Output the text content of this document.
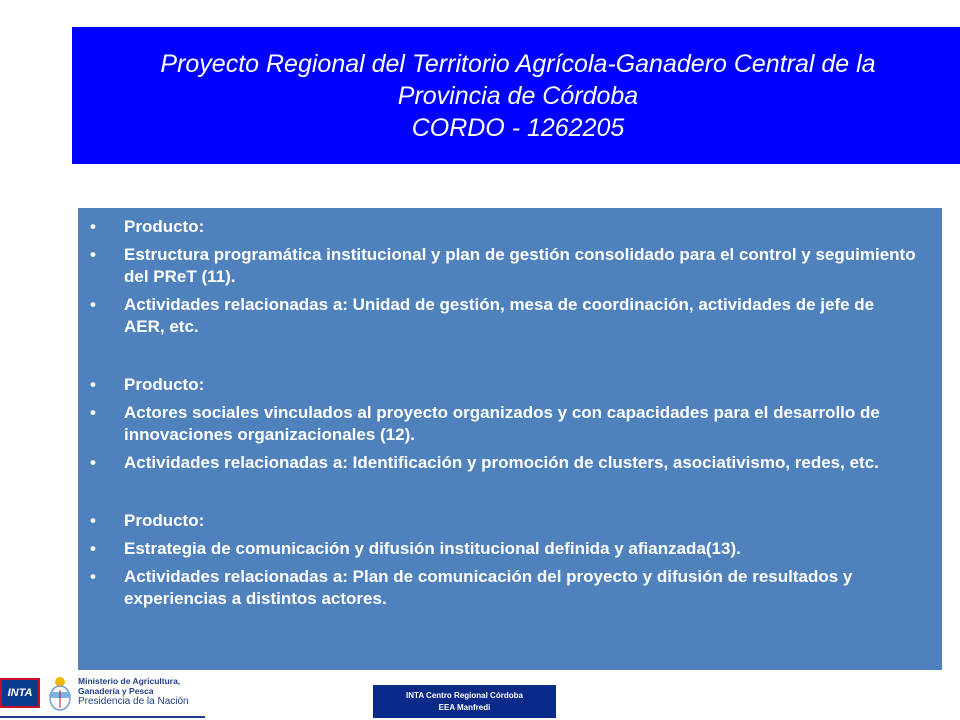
Proyecto Regional del Territorio Agrícola-Ganadero Central de la
Provincia de Córdoba
CORDO - 1262205
• Producto:
• Estructura programática institucional y plan de gestión consolidado para el control y seguimiento del PReT (11).
• Actividades relacionadas a: Unidad de gestión, mesa de coordinación, actividades de jefe de AER, etc.
• Producto:
• Actores sociales vinculados al proyecto organizados y con capacidades para el desarrollo de innovaciones organizacionales (12).
• Actividades relacionadas a: Identificación y promoción de clusters, asociativismo, redes, etc.
• Producto:
• Estrategia de comunicación y difusión institucional definida y afianzada(13).
• Actividades relacionadas a: Plan de comunicación del proyecto y difusión de resultados y experiencias a distintos actores.
INTA
Ministerio de Agricultura,
Ganadería y Pesca
Presidencia de la Nación
INTA Centro Regional Córdoba
EEA Manfredi
